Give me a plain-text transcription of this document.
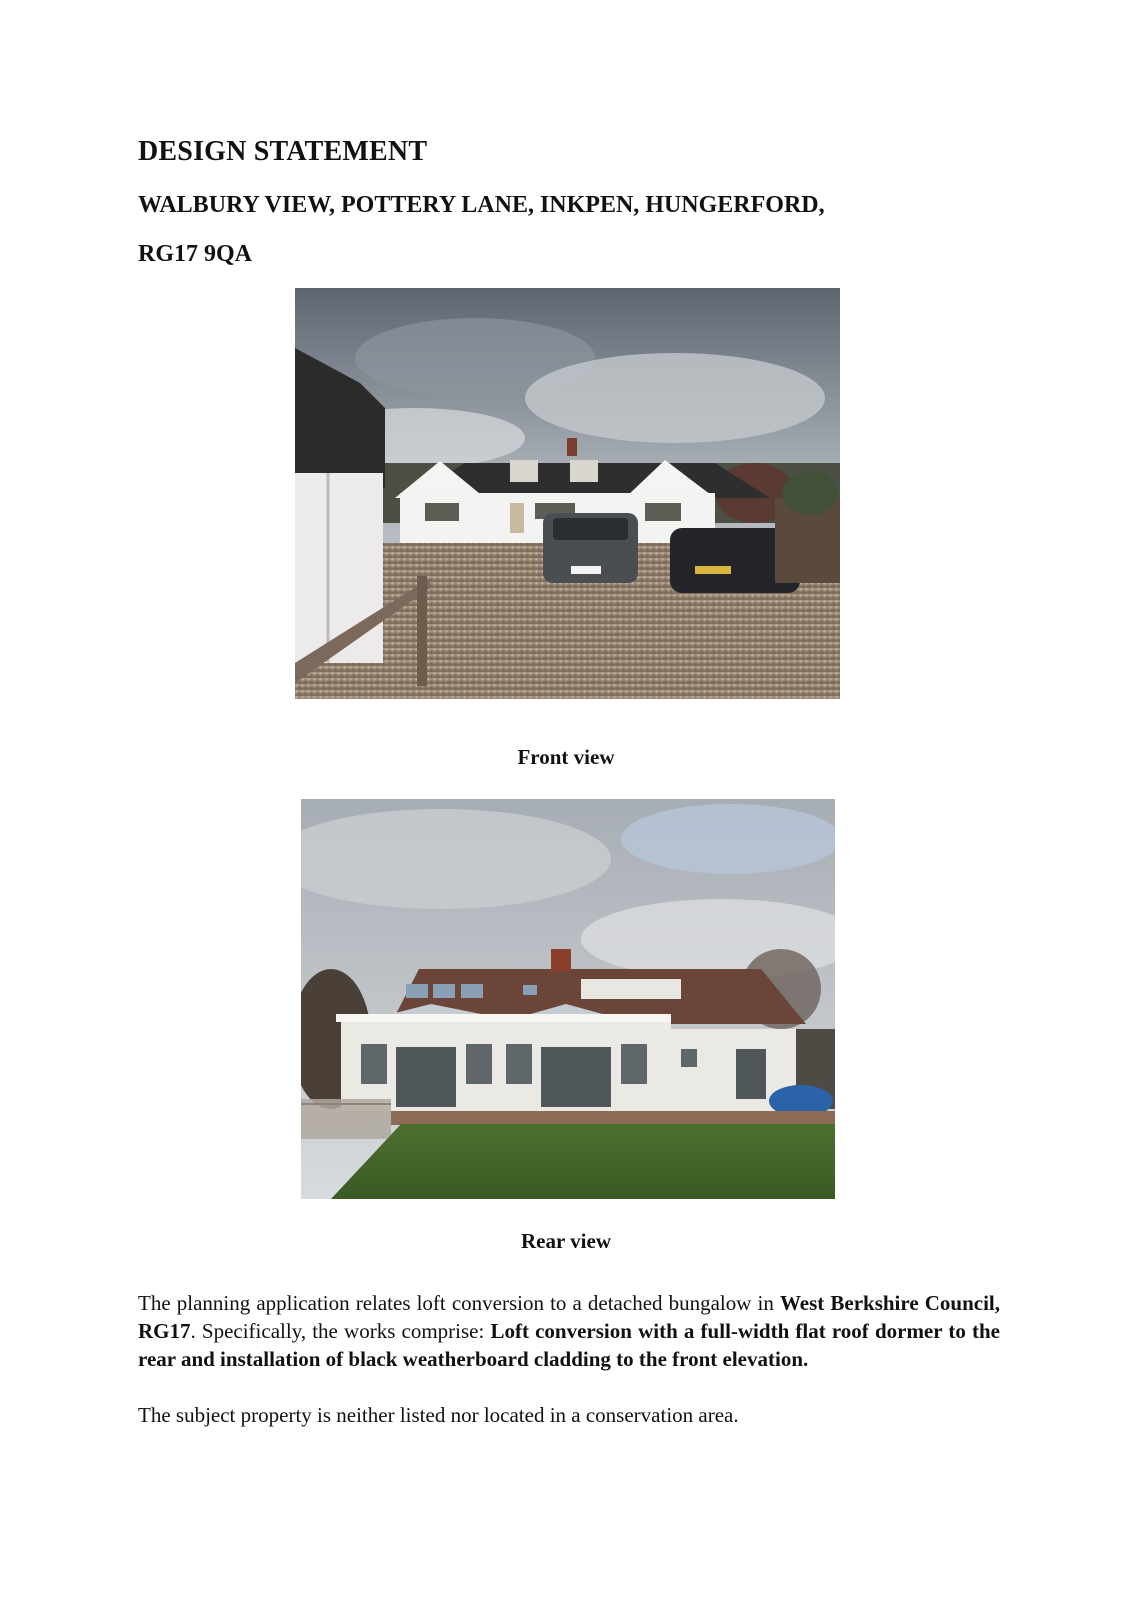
DESIGN STATEMENT
WALBURY VIEW, POTTERY LANE, INKPEN, HUNGERFORD,
RG17 9QA

Front view

Rear view

The planning application relates loft conversion to a detached bungalow in West Berkshire Council, RG17. Specifically, the works comprise: Loft conversion with a full-width flat roof dormer to the rear and installation of black weatherboard cladding to the front elevation.

The subject property is neither listed nor located in a conservation area.
